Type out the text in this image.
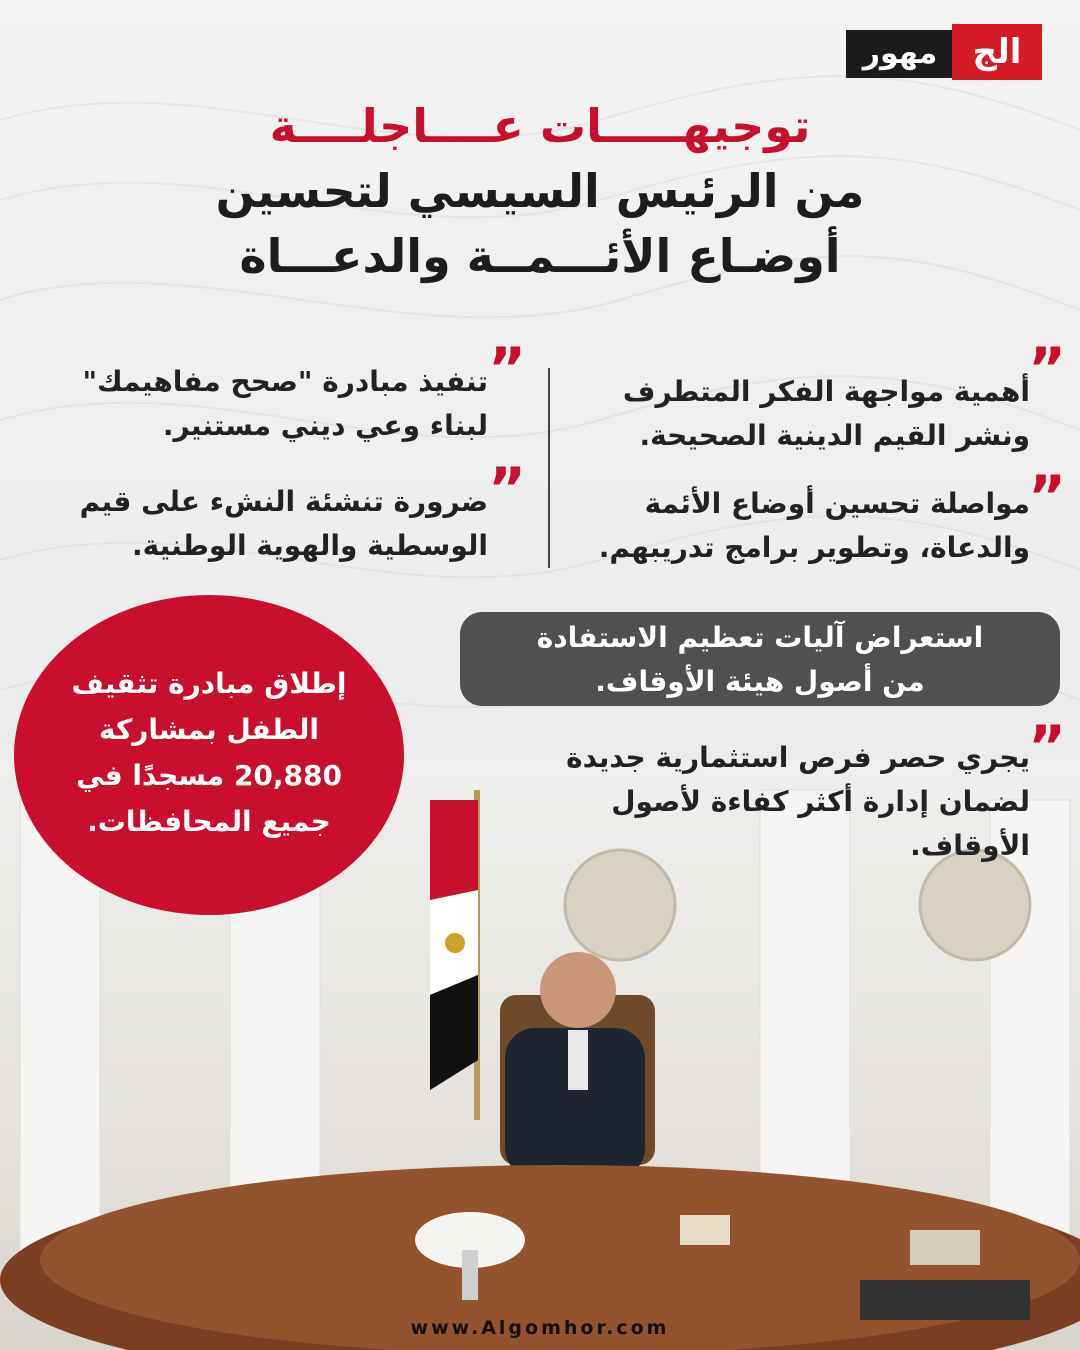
مهور	الج
توجيهـــــات عــــاجلــــة
من الرئيس السيسي لتحسين
أوضـاع الأئـــمــة والدعـــاة
”
أهمية مواجهة الفكر المتطرف
ونشر القيم الدينية الصحيحة.
”
مواصلة تحسين أوضاع الأئمة
والدعاة، وتطوير برامج تدريبهم.
”
تنفيذ مبادرة "صحح مفاهيمك"
لبناء وعي ديني مستنير.
”
ضرورة تنشئة النشء على قيم
الوسطية والهوية الوطنية.
استعراض آليات تعظيم الاستفادة
من أصول هيئة الأوقاف.
”
يجري حصر فرص استثمارية جديدة
لضمان إدارة أكثر كفاءة لأصول
الأوقاف.
إطلاق مبادرة تثقيف
الطفل بمشاركة
20,880 مسجدًا في
جميع المحافظات.
www.Algomhor.com
